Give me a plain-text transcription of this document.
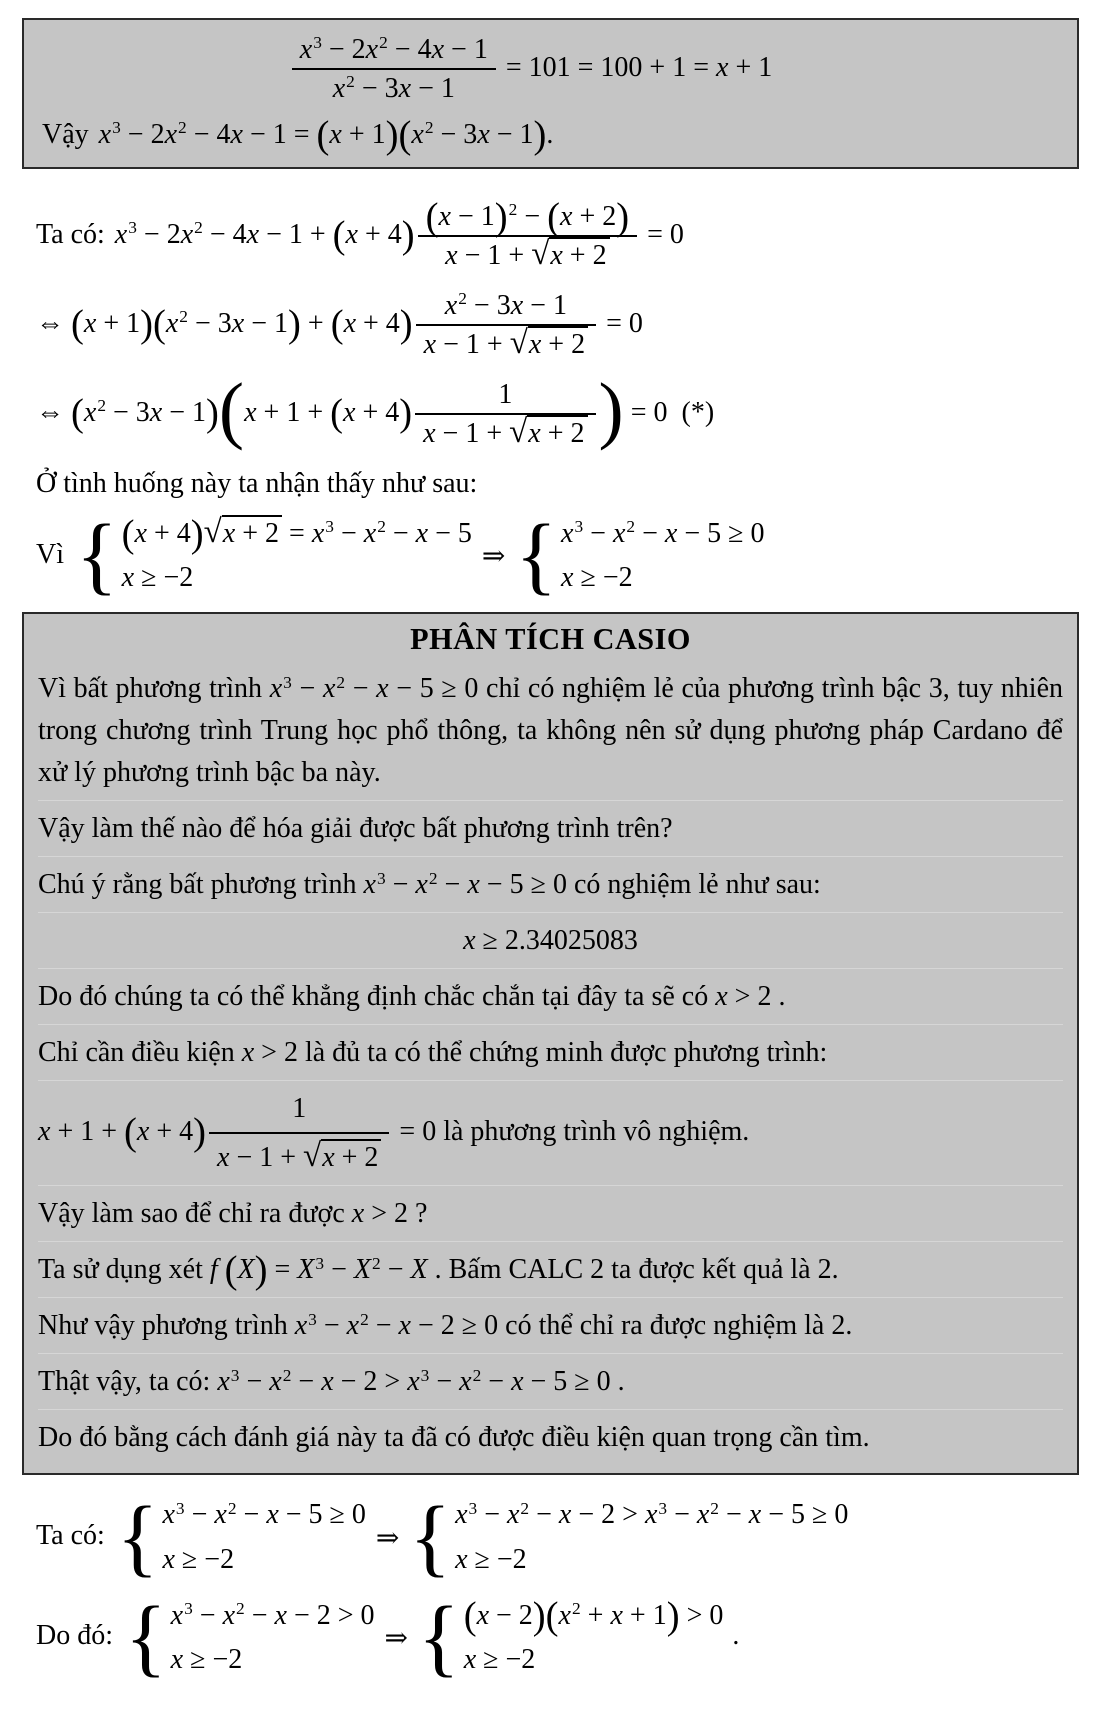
$\frac{x^3 - 2x^2 - 4x - 1}{x^2 - 3x - 1} = 101 = 100 + 1 = x + 1$
Vậy $x^3 - 2x^2 - 4x - 1 = (x + 1)(x^2 - 3x - 1)$.
Ta có: $x^3 - 2x^2 - 4x - 1 + (x + 4) \frac{(x - 1)^2 - (x + 2)}{x - 1 + √x + 2} = 0$
⇔ $(x + 1)(x^2 - 3x - 1) + (x + 4) \frac{x^2 - 3x - 1}{x - 1 + √x + 2} = 0$
⇔ $(x^2 - 3x - 1)(x + 1 + (x + 4) \frac{1}{x - 1 + √x + 2}$ ) = 0  (*)
Ở tình huống này ta nhận thấy như sau:
Vì { $(x + 4)√x + 2 = x^3 - x^2 - x - 5$
x ≥ −2
⇒ { $x^3 - x^2 - x - 5 \ge 0$
x ≥ −2
PHÂN TÍCH CASIO

Vì bất phương trình $x^3 - x^2 - x - 5 \ge 0$ chỉ có nghiệm lẻ của phương trình bậc 3, tuy nhiên trong chương trình Trung học phổ thông, ta không nên sử dụng phương pháp Cardano để xử lý phương trình bậc ba này.

Vậy làm thế nào để hóa giải được bất phương trình trên?

Chú ý rằng bất phương trình $x^3 - x^2 - x - 5 \ge 0$ có nghiệm lẻ như sau:

x ≥ 2.34025083

Do đó chúng ta có thể khẳng định chắc chắn tại đây ta sẽ có x > 2 .

Chỉ cần điều kiện x > 2 là đủ ta có thể chứng minh được phương trình:

$x + 1 + (x + 4) \frac{1}{x - 1 + √x + 2} = 0$ là phương trình vô nghiệm.

Vậy làm sao để chỉ ra được x > 2 ?

Ta sử dụng xét f $(X) = X^3 - X^2 - X$ . Bấm CALC 2 ta được kết quả là 2.

Như vậy phương trình $x^3 - x^2 - x - 2 \ge 0$ có thể chỉ ra được nghiệm là 2.

Thật vậy, ta có: $x^3 - x^2 - x - 2 > x^3 - x^2 - x - 5 \ge 0$ .

Do đó bằng cách đánh giá này ta đã có được điều kiện quan trọng cần tìm.

Ta có: { $x^3 - x^2 - x - 5 \ge 0$
x ≥ −2
⇒ { $x^3 - x^2 - x - 2 > x^3 - x^2 - x - 5 \ge 0$
x ≥ −2
Do đó: { $x^3 - x^2 - x - 2 > 0$
x ≥ −2
⇒ { $(x - 2)(x^2 + x + 1) > 0$
x ≥ −2
.
